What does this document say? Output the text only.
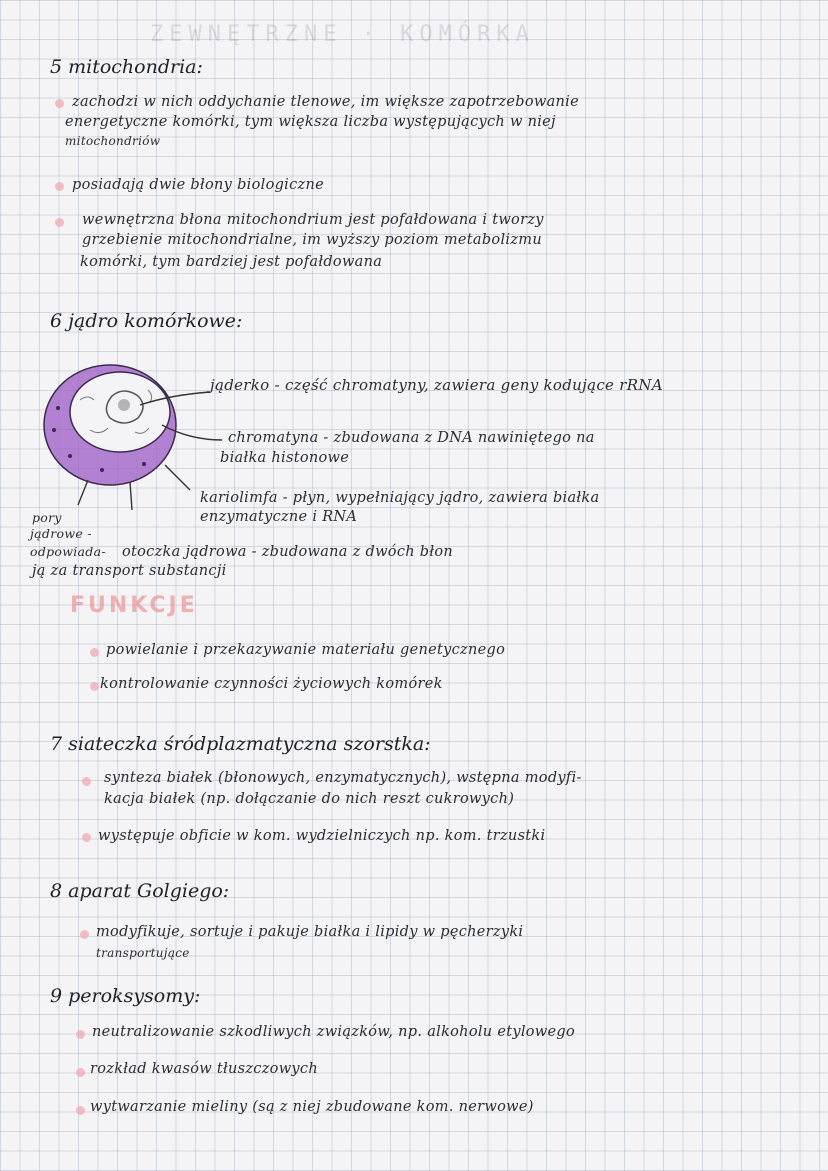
ZEWNĘTRZNE · KOMÓRKA
5 mitochondria:
zachodzi w nich oddychanie tlenowe, im większe zapotrzebowanie
energetyczne komórki, tym większa liczba występujących w niej
mitochondriów
posiadają dwie błony biologiczne
wewnętrzna błona mitochondrium jest pofałdowana i tworzy
grzebienie mitochondrialne, im wyższy poziom metabolizmu
komórki, tym bardziej jest pofałdowana
6 jądro komórkowe:
jąderko - część chromatyny, zawiera geny kodujące rRNA
chromatyna - zbudowana z DNA nawiniętego na
białka histonowe
kariolimfa - płyn, wypełniający jądro, zawiera białka
enzymatyczne i RNA
pory
jądrowe -
odpowiada- otoczka jądrowa - zbudowana z dwóch błon
ją za transport substancji
FUNKCJE
powielanie i przekazywanie materiału genetycznego
kontrolowanie czynności życiowych komórek
7 siateczka śródplazmatyczna szorstka:
synteza białek (błonowych, enzymatycznych), wstępna modyfi-
kacja białek (np. dołączanie do nich reszt cukrowych)
występuje obficie w kom. wydzielniczych np. kom. trzustki
8 aparat Golgiego:
modyfikuje, sortuje i pakuje białka i lipidy w pęcherzyki
transportujące
9 peroksysomy:
neutralizowanie szkodliwych związków, np. alkoholu etylowego
rozkład kwasów tłuszczowych
wytwarzanie mieliny (są z niej zbudowane kom. nerwowe)
